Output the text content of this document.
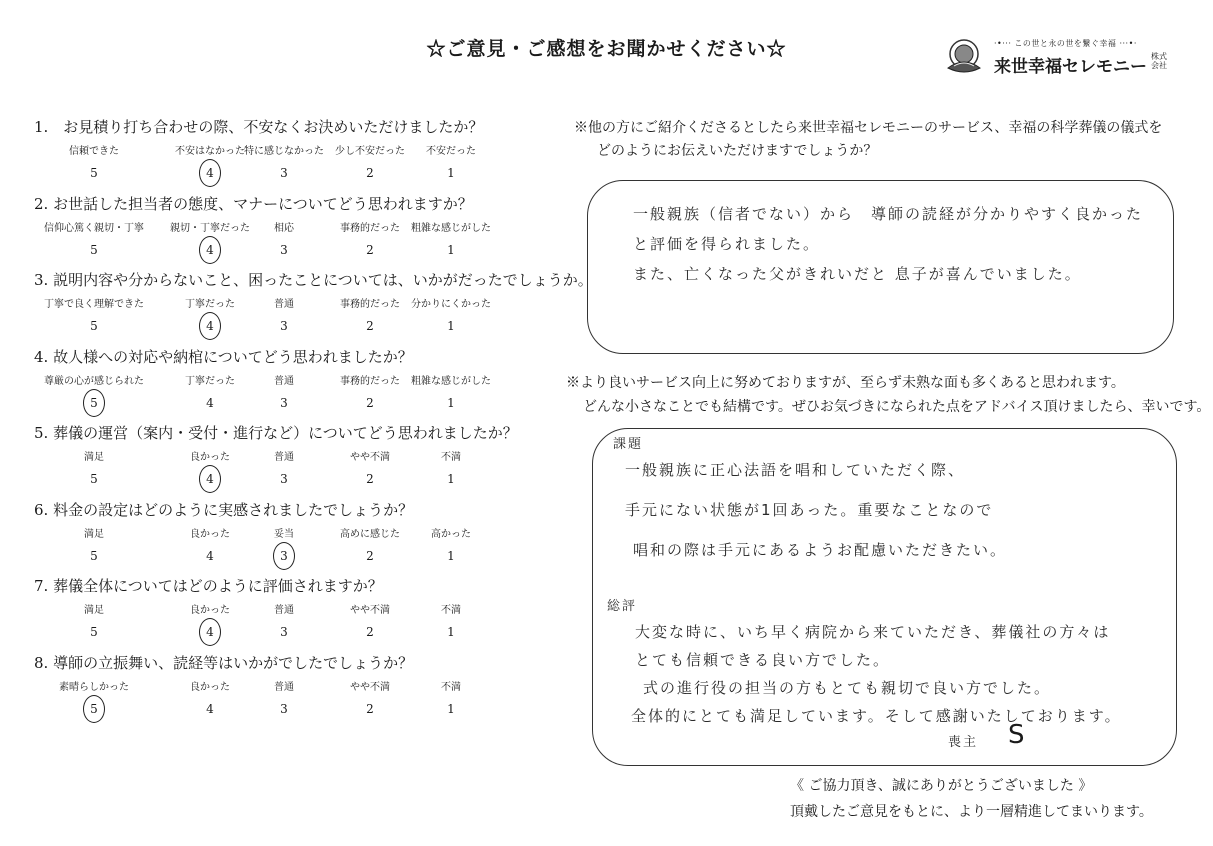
☆ご意見・ご感想をお聞かせください☆	·•··· この世と永の世を繋ぐ幸福 ···•·
来世幸福セレモニー
株式会社
1.　お見積り打ち合わせの際、不安なくお決めいただけましたか？
信頼できた
5
不安はなかった
4
特に感じなかった
3
少し不安だった
2
不安だった
1
2. お世話した担当者の態度、マナーについてどう思われますか？
信仰心篤く親切・丁寧
5
親切・丁寧だった
4
相応
3
事務的だった
2
粗雑な感じがした
1
3. 説明内容や分からないこと、困ったことについては、いかがだったでしょうか。
丁寧で良く理解できた
5
丁寧だった
4
普通
3
事務的だった
2
分かりにくかった
1
4. 故人様への対応や納棺についてどう思われましたか？
尊厳の心が感じられた
5
丁寧だった
4
普通
3
事務的だった
2
粗雑な感じがした
1
5. 葬儀の運営（案内・受付・進行など）についてどう思われましたか？
満足
5
良かった
4
普通
3
やや不満
2
不満
1
6. 料金の設定はどのように実感されましたでしょうか？
満足
5
良かった
4
妥当
3
高めに感じた
2
高かった
1
7. 葬儀全体についてはどのように評価されますか？
満足
5
良かった
4
普通
3
やや不満
2
不満
1
8. 導師の立振舞い、読経等はいかがでしたでしょうか？
素晴らしかった
5
良かった
4
普通
3
やや不満
2
不満
1
※他の方にご紹介くださるとしたら来世幸福セレモニーのサービス、幸福の科学葬儀の儀式を
どのようにお伝えいただけますでしょうか？
一般親族（信者でない）から　導師の読経が分かりやすく良かった
と評価を得られました。
また、亡くなった父がきれいだと 息子が喜んでいました。
※より良いサービス向上に努めておりますが、至らず未熟な面も多くあると思われます。
どんな小さなことでも結構です。ぜひお気づきになられた点をアドバイス頂けましたら、幸いです。
課題
一般親族に正心法語を唱和していただく際、
手元にない状態が1回あった。重要なことなので
唱和の際は手元にあるようお配慮いただきたい。
総評
大変な時に、いち早く病院から来ていただき、葬儀社の方々は
とても信頼できる良い方でした。
式の進行役の担当の方もとても親切で良い方でした。
全体的にとても満足しています。そして感謝いたしております。
喪主 S
《 ご協力頂き、誠にありがとうございました 》
頂戴したご意見をもとに、より一層精進してまいります。
